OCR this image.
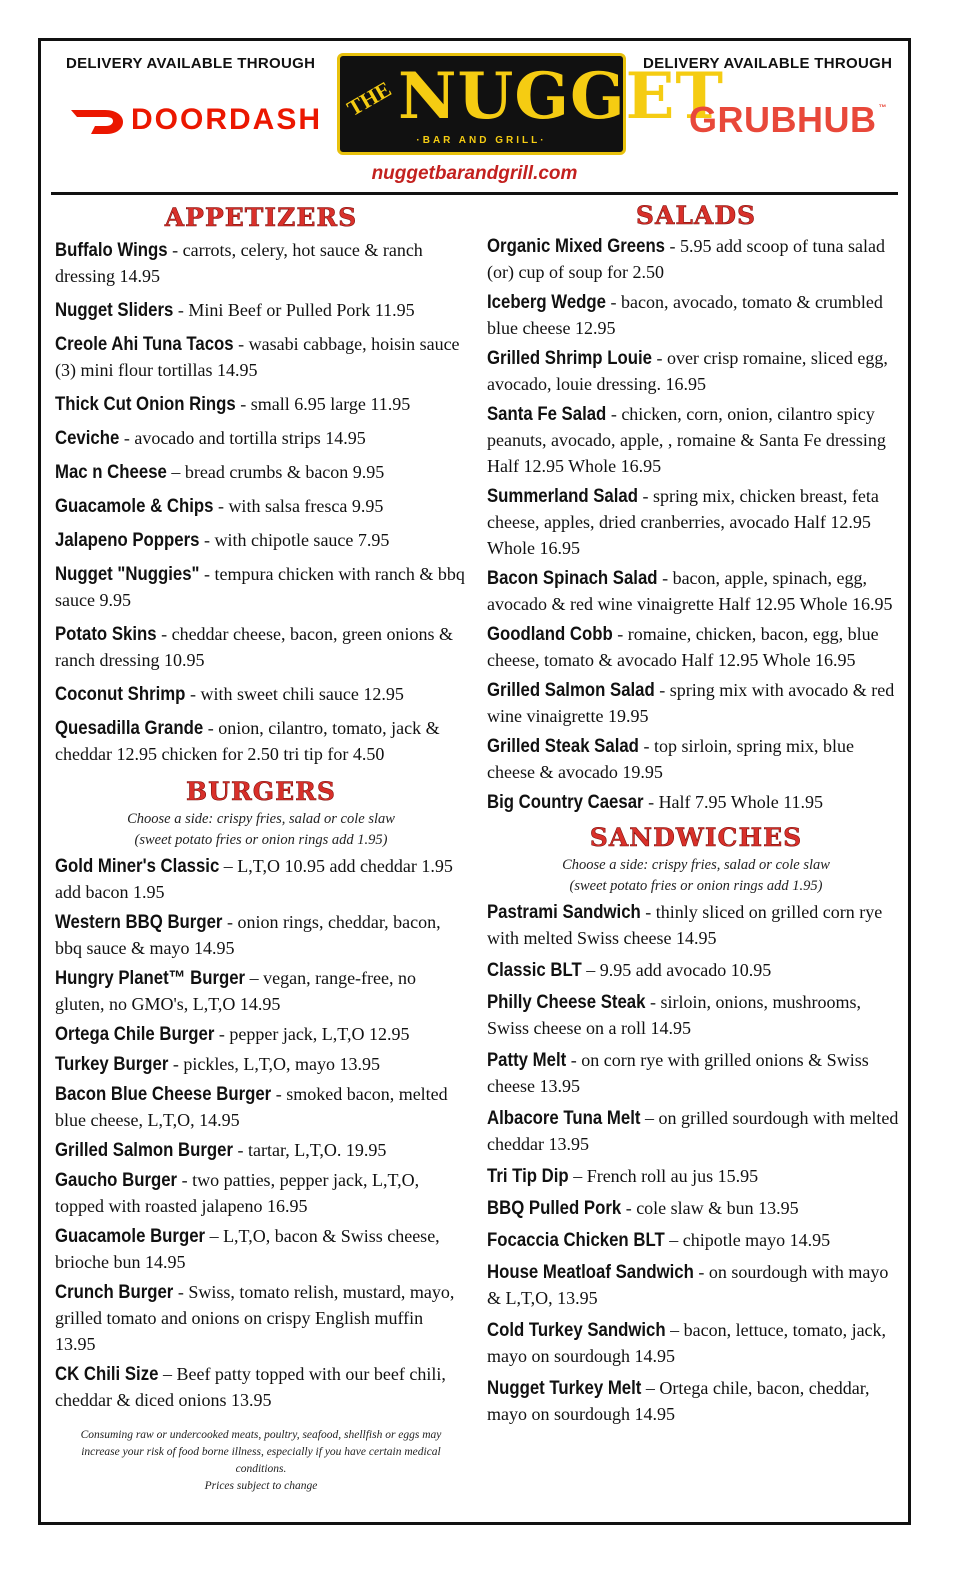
DELIVERY AVAILABLE THROUGH	DELIVERY AVAILABLE THROUGH
DOORDASH THE NUGGET
·BAR AND GRILL·
GRUBHUB ™
nuggetbarandgrill.com
APPETIZERS
Buffalo Wings - carrots, celery, hot sauce & ranch dressing 14.95
Nugget Sliders - Mini Beef or Pulled Pork 11.95
Creole Ahi Tuna Tacos - wasabi cabbage, hoisin sauce (3) mini flour tortillas 14.95
Thick Cut Onion Rings - small 6.95 large 11.95
Ceviche - avocado and tortilla strips 14.95
Mac n Cheese – bread crumbs & bacon 9.95
Guacamole & Chips - with salsa fresca 9.95
Jalapeno Poppers - with chipotle sauce 7.95
Nugget "Nuggies" - tempura chicken with ranch & bbq sauce 9.95
Potato Skins - cheddar cheese, bacon, green onions & ranch dressing 10.95
Coconut Shrimp - with sweet chili sauce 12.95
Quesadilla Grande - onion, cilantro, tomato, jack & cheddar 12.95 chicken for 2.50 tri tip for 4.50
BURGERS
Choose a side: crispy fries, salad or cole slaw
(sweet potato fries or onion rings add 1.95)
Gold Miner's Classic – L,T,O 10.95 add cheddar 1.95 add bacon 1.95
Western BBQ Burger - onion rings, cheddar, bacon, bbq sauce & mayo 14.95
Hungry Planet™ Burger – vegan, range-free, no gluten, no GMO's, L,T,O 14.95
Ortega Chile Burger - pepper jack, L,T,O 12.95
Turkey Burger - pickles, L,T,O, mayo 13.95
Bacon Blue Cheese Burger - smoked bacon, melted blue cheese, L,T,O, 14.95
Grilled Salmon Burger - tartar, L,T,O. 19.95
Gaucho Burger - two patties, pepper jack, L,T,O, topped with roasted jalapeno 16.95
Guacamole Burger – L,T,O, bacon & Swiss cheese, brioche bun 14.95
Crunch Burger - Swiss, tomato relish, mustard, mayo, grilled tomato and onions on crispy English muffin 13.95
CK Chili Size – Beef patty topped with our beef chili, cheddar & diced onions 13.95
Consuming raw or undercooked meats, poultry, seafood, shellfish or eggs may increase your risk of food borne illness, especially if you have certain medical conditions.
Prices subject to change
SALADS
Organic Mixed Greens - 5.95 add scoop of tuna salad (or) cup of soup for 2.50
Iceberg Wedge - bacon, avocado, tomato & crumbled blue cheese 12.95
Grilled Shrimp Louie - over crisp romaine, sliced egg, avocado, louie dressing. 16.95
Santa Fe Salad - chicken, corn, onion, cilantro spicy peanuts, avocado, apple, , romaine & Santa Fe dressing Half 12.95 Whole 16.95
Summerland Salad - spring mix, chicken breast, feta cheese, apples, dried cranberries, avocado Half 12.95 Whole 16.95
Bacon Spinach Salad - bacon, apple, spinach, egg, avocado & red wine vinaigrette Half 12.95 Whole 16.95
Goodland Cobb - romaine, chicken, bacon, egg, blue cheese, tomato & avocado Half 12.95 Whole 16.95
Grilled Salmon Salad - spring mix with avocado & red wine vinaigrette 19.95
Grilled Steak Salad - top sirloin, spring mix, blue cheese & avocado 19.95
Big Country Caesar - Half 7.95 Whole 11.95
SANDWICHES
Choose a side: crispy fries, salad or cole slaw
(sweet potato fries or onion rings add 1.95)
Pastrami Sandwich - thinly sliced on grilled corn rye with melted Swiss cheese 14.95
Classic BLT – 9.95 add avocado 10.95
Philly Cheese Steak - sirloin, onions, mushrooms, Swiss cheese on a roll 14.95
Patty Melt - on corn rye with grilled onions & Swiss cheese 13.95
Albacore Tuna Melt – on grilled sourdough with melted cheddar 13.95
Tri Tip Dip – French roll au jus 15.95
BBQ Pulled Pork - cole slaw & bun 13.95
Focaccia Chicken BLT – chipotle mayo 14.95
House Meatloaf Sandwich - on sourdough with mayo & L,T,O, 13.95
Cold Turkey Sandwich – bacon, lettuce, tomato, jack, mayo on sourdough 14.95
Nugget Turkey Melt – Ortega chile, bacon, cheddar, mayo on sourdough 14.95
